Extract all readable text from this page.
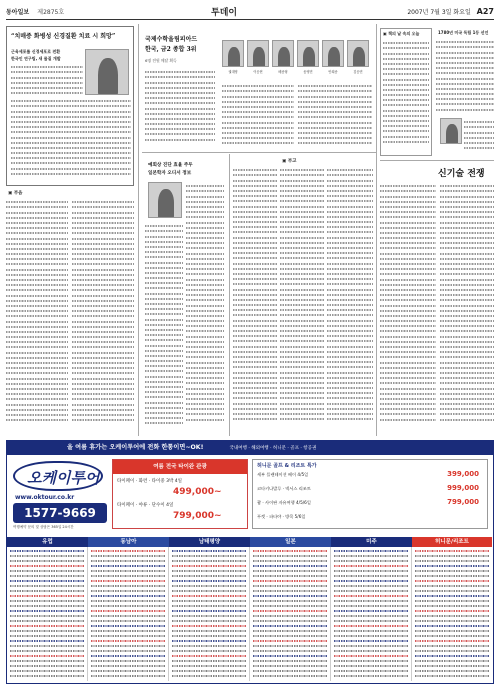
동아일보 제2875호	투데이	2007년 7월 3일 화요일 A27
“치매증 화병성 신경질환 치료 시 희망”
근육세포를 신경세포로 전환
한국인 연구팀, 새 물질 개발
▣ 부음
국제수학올림피아드
한국, 금2 종합 3위
6명 전원 메달 획득
권대영	이승현	배준형	송영민	안희준	김승민
예회상 진단 효율 주두
일본학자 오디서 정보
▣ 부고
▣ 책의 날 속의 오늘	1780년 미국 독립 1등 선언
신기술 전쟁
올 여름 휴가는 오케이투어에 전화 한통이면~OK!	국내여행 · 해외여행 · 허니문 · 골프 · 항공권
오케이투어
www.oktour.co.kr
1577-9669
여행예약 문의 및 상담은 365일 24시간
여름 전국 타이완 관광
타이페이 · 화련 · 타이중 3박 4일
499,000~
타이페이 · 야류 · 단수이 4일
799,000~
허니문 골프 & 리조트 특가
세부 플랜테이션 베이 4/5일	399,000
코타키나발루 · 넥서스 리조트	999,000
괌 · 사이판 자유여행 4/5/6일	799,000
푸켓 · 파타야 · 방콕 5/6일
유럽	동남아	남태평양	일본	미주	허니문/리조트
